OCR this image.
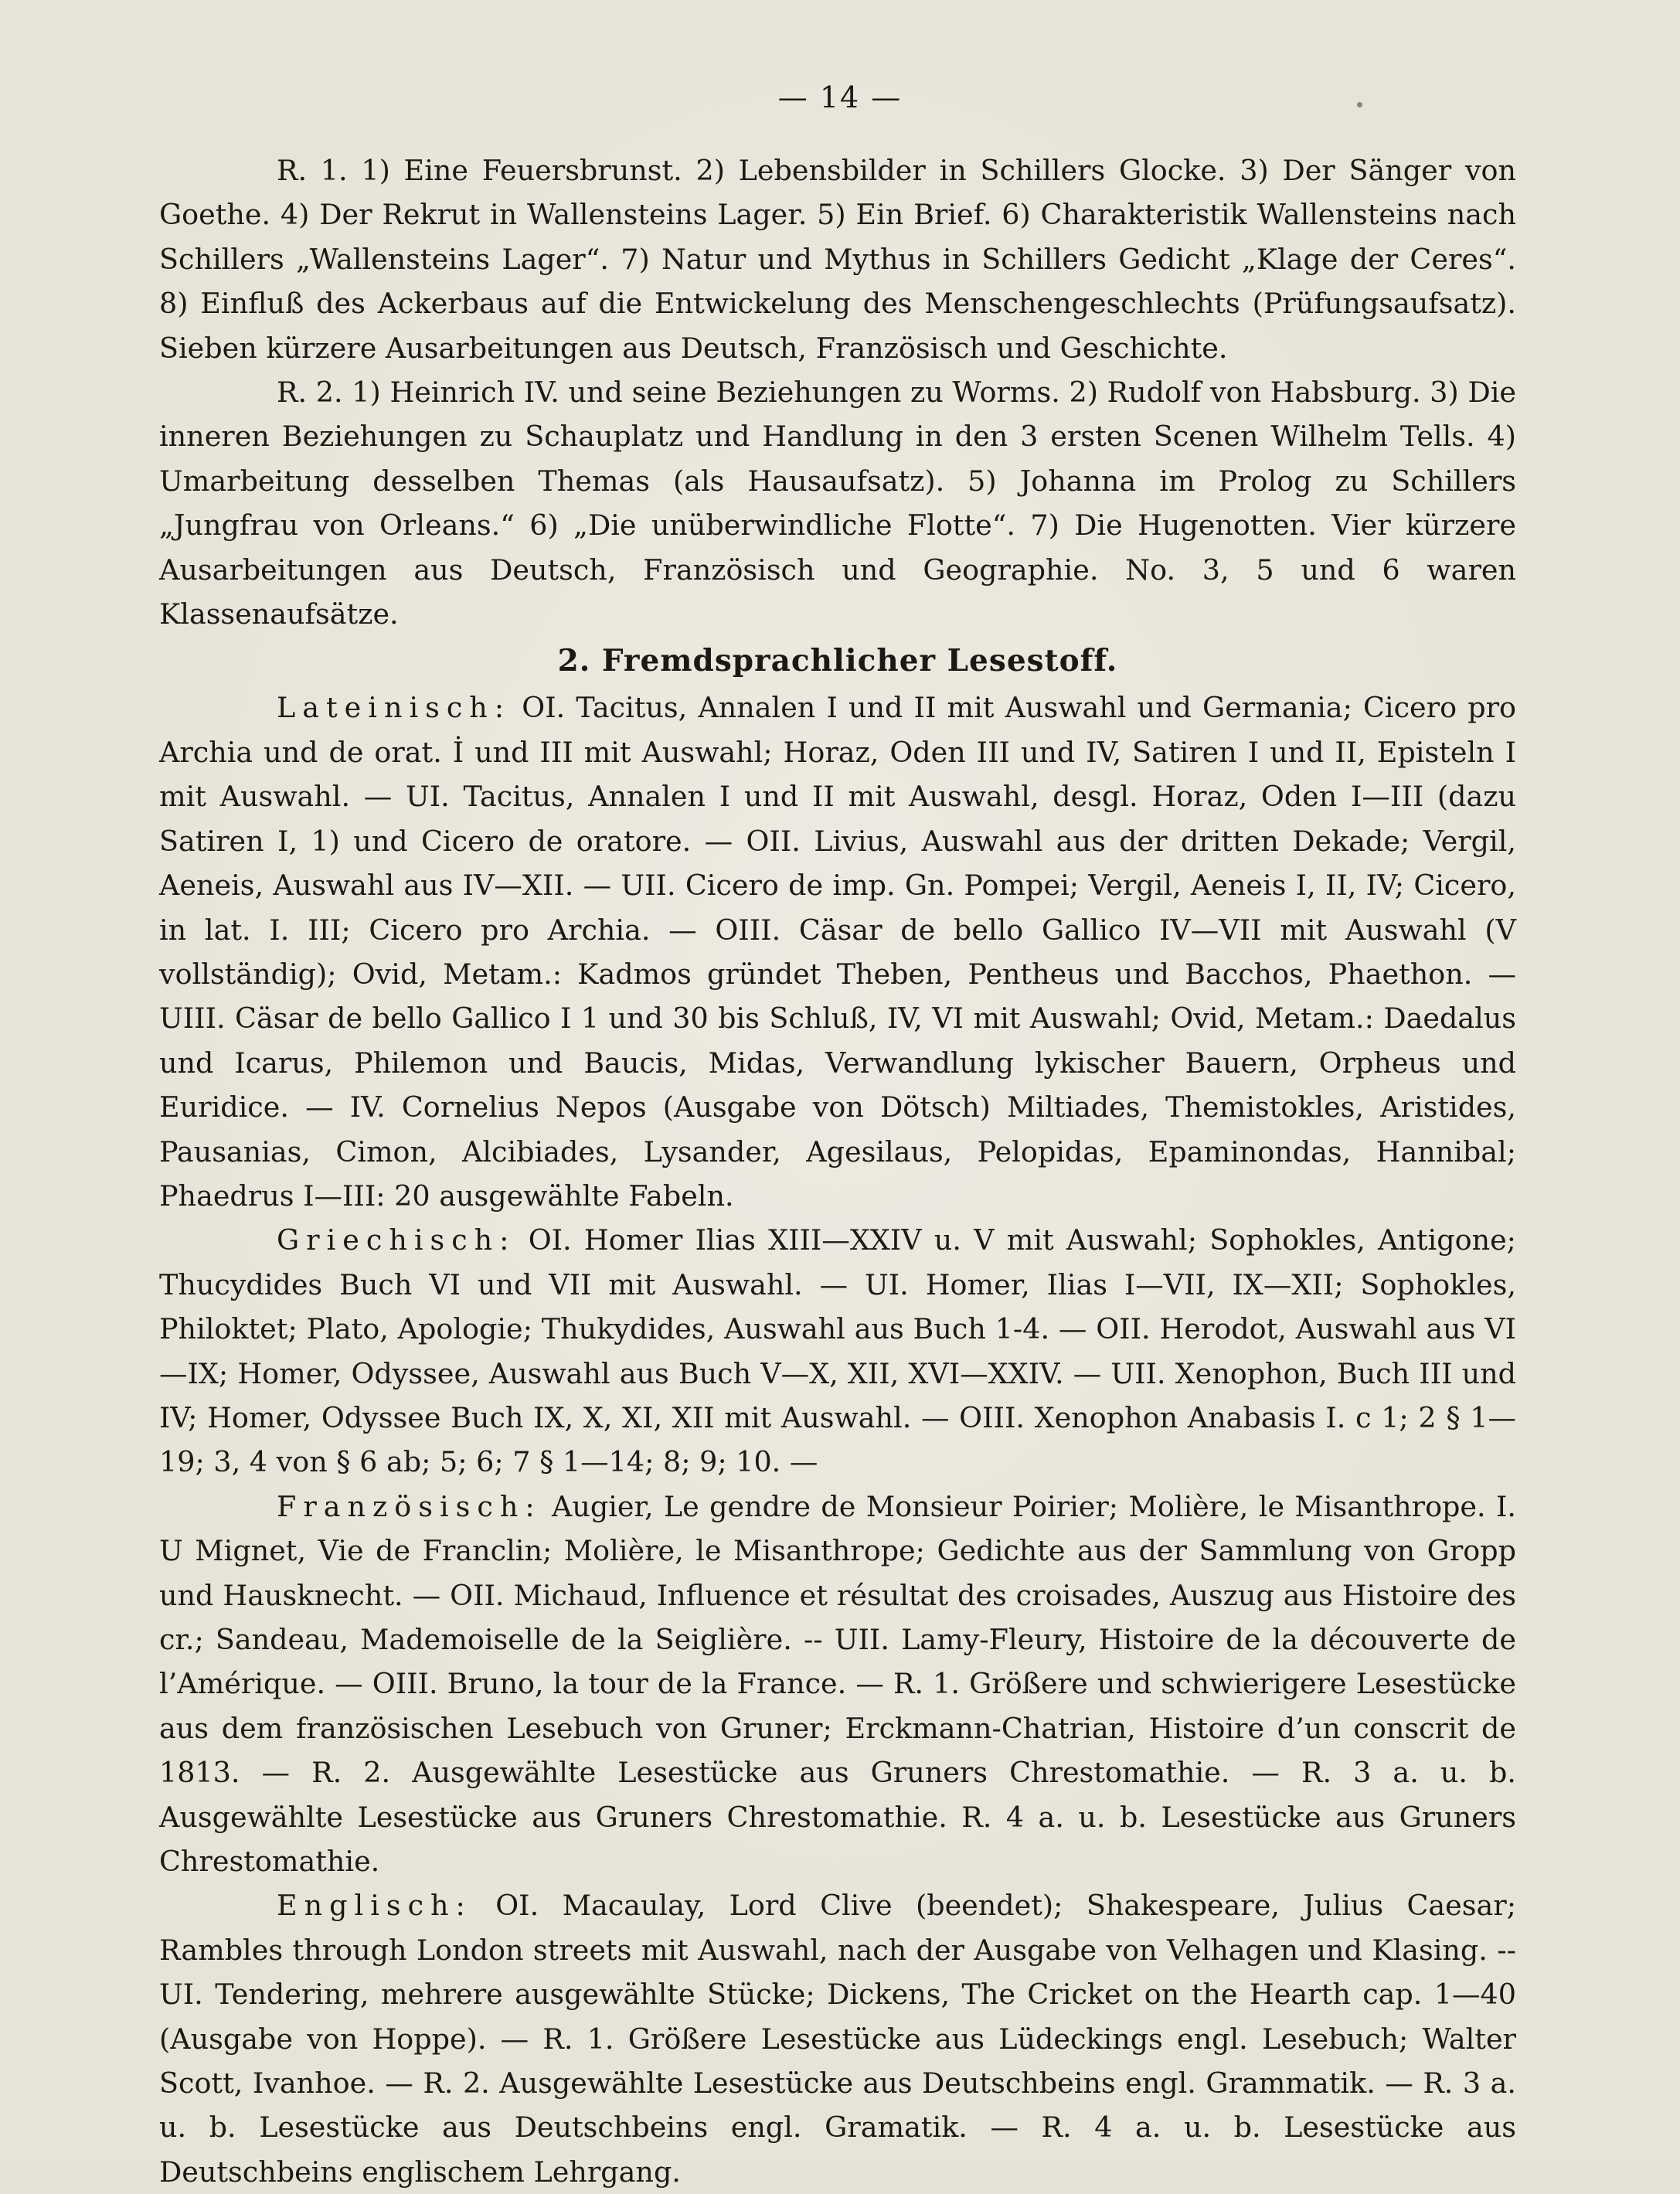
— 14 —

R. 1. 1) Eine Feuersbrunst. 2) Lebensbilder in Schillers Glocke. 3) Der Sänger von Goethe. 4) Der Rekrut in Wallensteins Lager. 5) Ein Brief. 6) Charakteristik Wallensteins nach Schillers „Wallensteins Lager“. 7) Natur und Mythus in Schillers Gedicht „Klage der Ceres“. 8) Einfluß des Ackerbaus auf die Entwickelung des Menschengeschlechts (Prüfungsaufsatz). Sieben kürzere Ausarbeitungen aus Deutsch, Französisch und Geschichte.

R. 2. 1) Heinrich IV. und seine Beziehungen zu Worms. 2) Rudolf von Habsburg. 3) Die inneren Beziehungen zu Schauplatz und Handlung in den 3 ersten Scenen Wilhelm Tells. 4) Umarbeitung desselben Themas (als Hausaufsatz). 5) Johanna im Prolog zu Schillers „Jungfrau von Orleans.“ 6) „Die unüberwindliche Flotte“. 7) Die Hugenotten. Vier kürzere Ausarbeitungen aus Deutsch, Französisch und Geographie. No. 3, 5 und 6 waren Klassenaufsätze.

2. Fremdsprachlicher Lesestoff.

Lateinisch: OI. Tacitus, Annalen I und II mit Auswahl und Germania; Cicero pro Archia und de orat. İ und III mit Auswahl; Horaz, Oden III und IV, Satiren I und II, Episteln I mit Auswahl. — UI. Tacitus, Annalen I und II mit Auswahl, desgl. Horaz, Oden I—III (dazu Satiren I, 1) und Cicero de oratore. — OII. Livius, Auswahl aus der dritten Dekade; Vergil, Aeneis, Auswahl aus IV—XII. — UII. Cicero de imp. Gn. Pompei; Vergil, Aeneis I, II, IV; Cicero, in lat. I. III; Cicero pro Archia. — OIII. Cäsar de bello Gallico IV—VII mit Auswahl (V vollständig); Ovid, Metam.: Kadmos gründet Theben, Pentheus und Bacchos, Phaethon. — UIII. Cäsar de bello Gallico I 1 und 30 bis Schluß, IV, VI mit Auswahl; Ovid, Metam.: Daedalus und Icarus, Philemon und Baucis, Midas, Verwandlung lykischer Bauern, Orpheus und Euridice. — IV. Cornelius Nepos (Ausgabe von Dötsch) Miltiades, Themistokles, Aristides, Pausanias, Cimon, Alcibiades, Lysander, Agesilaus, Pelopidas, Epaminondas, Hannibal; Phaedrus I—III: 20 ausgewählte Fabeln.

Griechisch: OI. Homer Ilias XIII—XXIV u. V mit Auswahl; Sophokles, Antigone; Thucydides Buch VI und VII mit Auswahl. — UI. Homer, Ilias I—VII, IX—XII; Sophokles, Philoktet; Plato, Apologie; Thukydides, Auswahl aus Buch 1-4. — OII. Herodot, Auswahl aus VI—IX; Homer, Odyssee, Auswahl aus Buch V—X, XII, XVI—XXIV. — UII. Xenophon, Buch III und IV; Homer, Odyssee Buch IX, X, XI, XII mit Auswahl. — OIII. Xenophon Anabasis I. c 1; 2 § 1—19; 3, 4 von § 6 ab; 5; 6; 7 § 1—14; 8; 9; 10. —

Französisch: Augier, Le gendre de Monsieur Poirier; Molière, le Misanthrope. I. U Mignet, Vie de Franclin; Molière, le Misanthrope; Gedichte aus der Sammlung von Gropp und Hausknecht. — OII. Michaud, Influence et résultat des croisades, Auszug aus Histoire des cr.; Sandeau, Mademoiselle de la Seiglière. -- UII. Lamy-Fleury, Histoire de la découverte de l’Amérique. — OIII. Bruno, la tour de la France. — R. 1. Größere und schwierigere Lesestücke aus dem französischen Lesebuch von Gruner; Erckmann-Chatrian, Histoire d’un conscrit de 1813. — R. 2. Ausgewählte Lesestücke aus Gruners Chrestomathie. — R. 3 a. u. b. Ausgewählte Lesestücke aus Gruners Chrestomathie. R. 4 a. u. b. Lesestücke aus Gruners Chrestomathie.

Englisch: OI. Macaulay, Lord Clive (beendet); Shakespeare, Julius Caesar; Rambles through London streets mit Auswahl, nach der Ausgabe von Velhagen und Klasing. -- UI. Tendering, mehrere ausgewählte Stücke; Dickens, The Cricket on the Hearth cap. 1—40 (Ausgabe von Hoppe). — R. 1. Größere Lesestücke aus Lüdeckings engl. Lesebuch; Walter Scott, Ivanhoe. — R. 2. Ausgewählte Lesestücke aus Deutschbeins engl. Grammatik. — R. 3 a. u. b. Lesestücke aus Deutschbeins engl. Gramatik. — R. 4 a. u. b. Lesestücke aus Deutschbeins englischem Lehrgang.
